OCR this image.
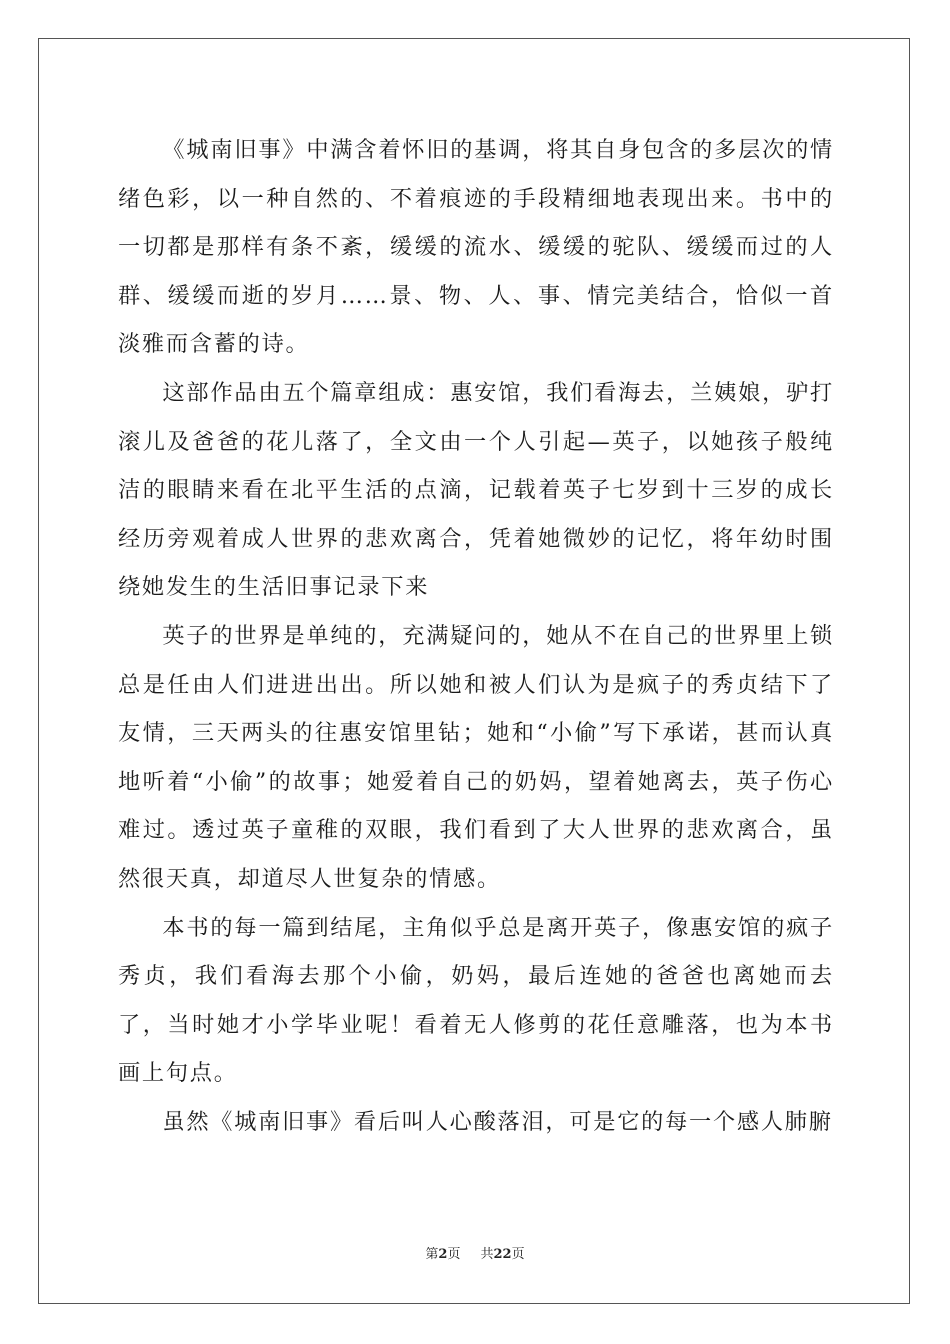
《城南旧事》中满含着怀旧的基调，将其自身包含的多层次的情绪色彩，以一种自然的、不着痕迹的手段精细地表现出来。书中的一切都是那样有条不紊，缓缓的流水、缓缓的驼队、缓缓而过的人群、缓缓而逝的岁月……景、物、人、事、情完美结合，恰似一首淡雅而含蓄的诗。

这部作品由五个篇章组成：惠安馆，我们看海去，兰姨娘，驴打滚儿及爸爸的花儿落了，全文由一个人引起—英子，以她孩子般纯洁的眼睛来看在北平生活的点滴，记载着英子七岁到十三岁的成长经历旁观着成人世界的悲欢离合，凭着她微妙的记忆，将年幼时围绕她发生的生活旧事记录下来

英子的世界是单纯的，充满疑问的，她从不在自己的世界里上锁总是任由人们进进出出。所以她和被人们认为是疯子的秀贞结下了友情，三天两头的往惠安馆里钻；她和“小偷”写下承诺，甚而认真地听着“小偷”的故事；她爱着自己的奶妈，望着她离去，英子伤心难过。透过英子童稚的双眼，我们看到了大人世界的悲欢离合，虽然很天真，却道尽人世复杂的情感。

本书的每一篇到结尾，主角似乎总是离开英子，像惠安馆的疯子秀贞，我们看海去那个小偷，奶妈，最后连她的爸爸也离她而去了，当时她才小学毕业呢！看着无人修剪的花任意雕落，也为本书画上句点。

虽然《城南旧事》看后叫人心酸落泪，可是它的每一个感人肺腑

第2页 共22页
